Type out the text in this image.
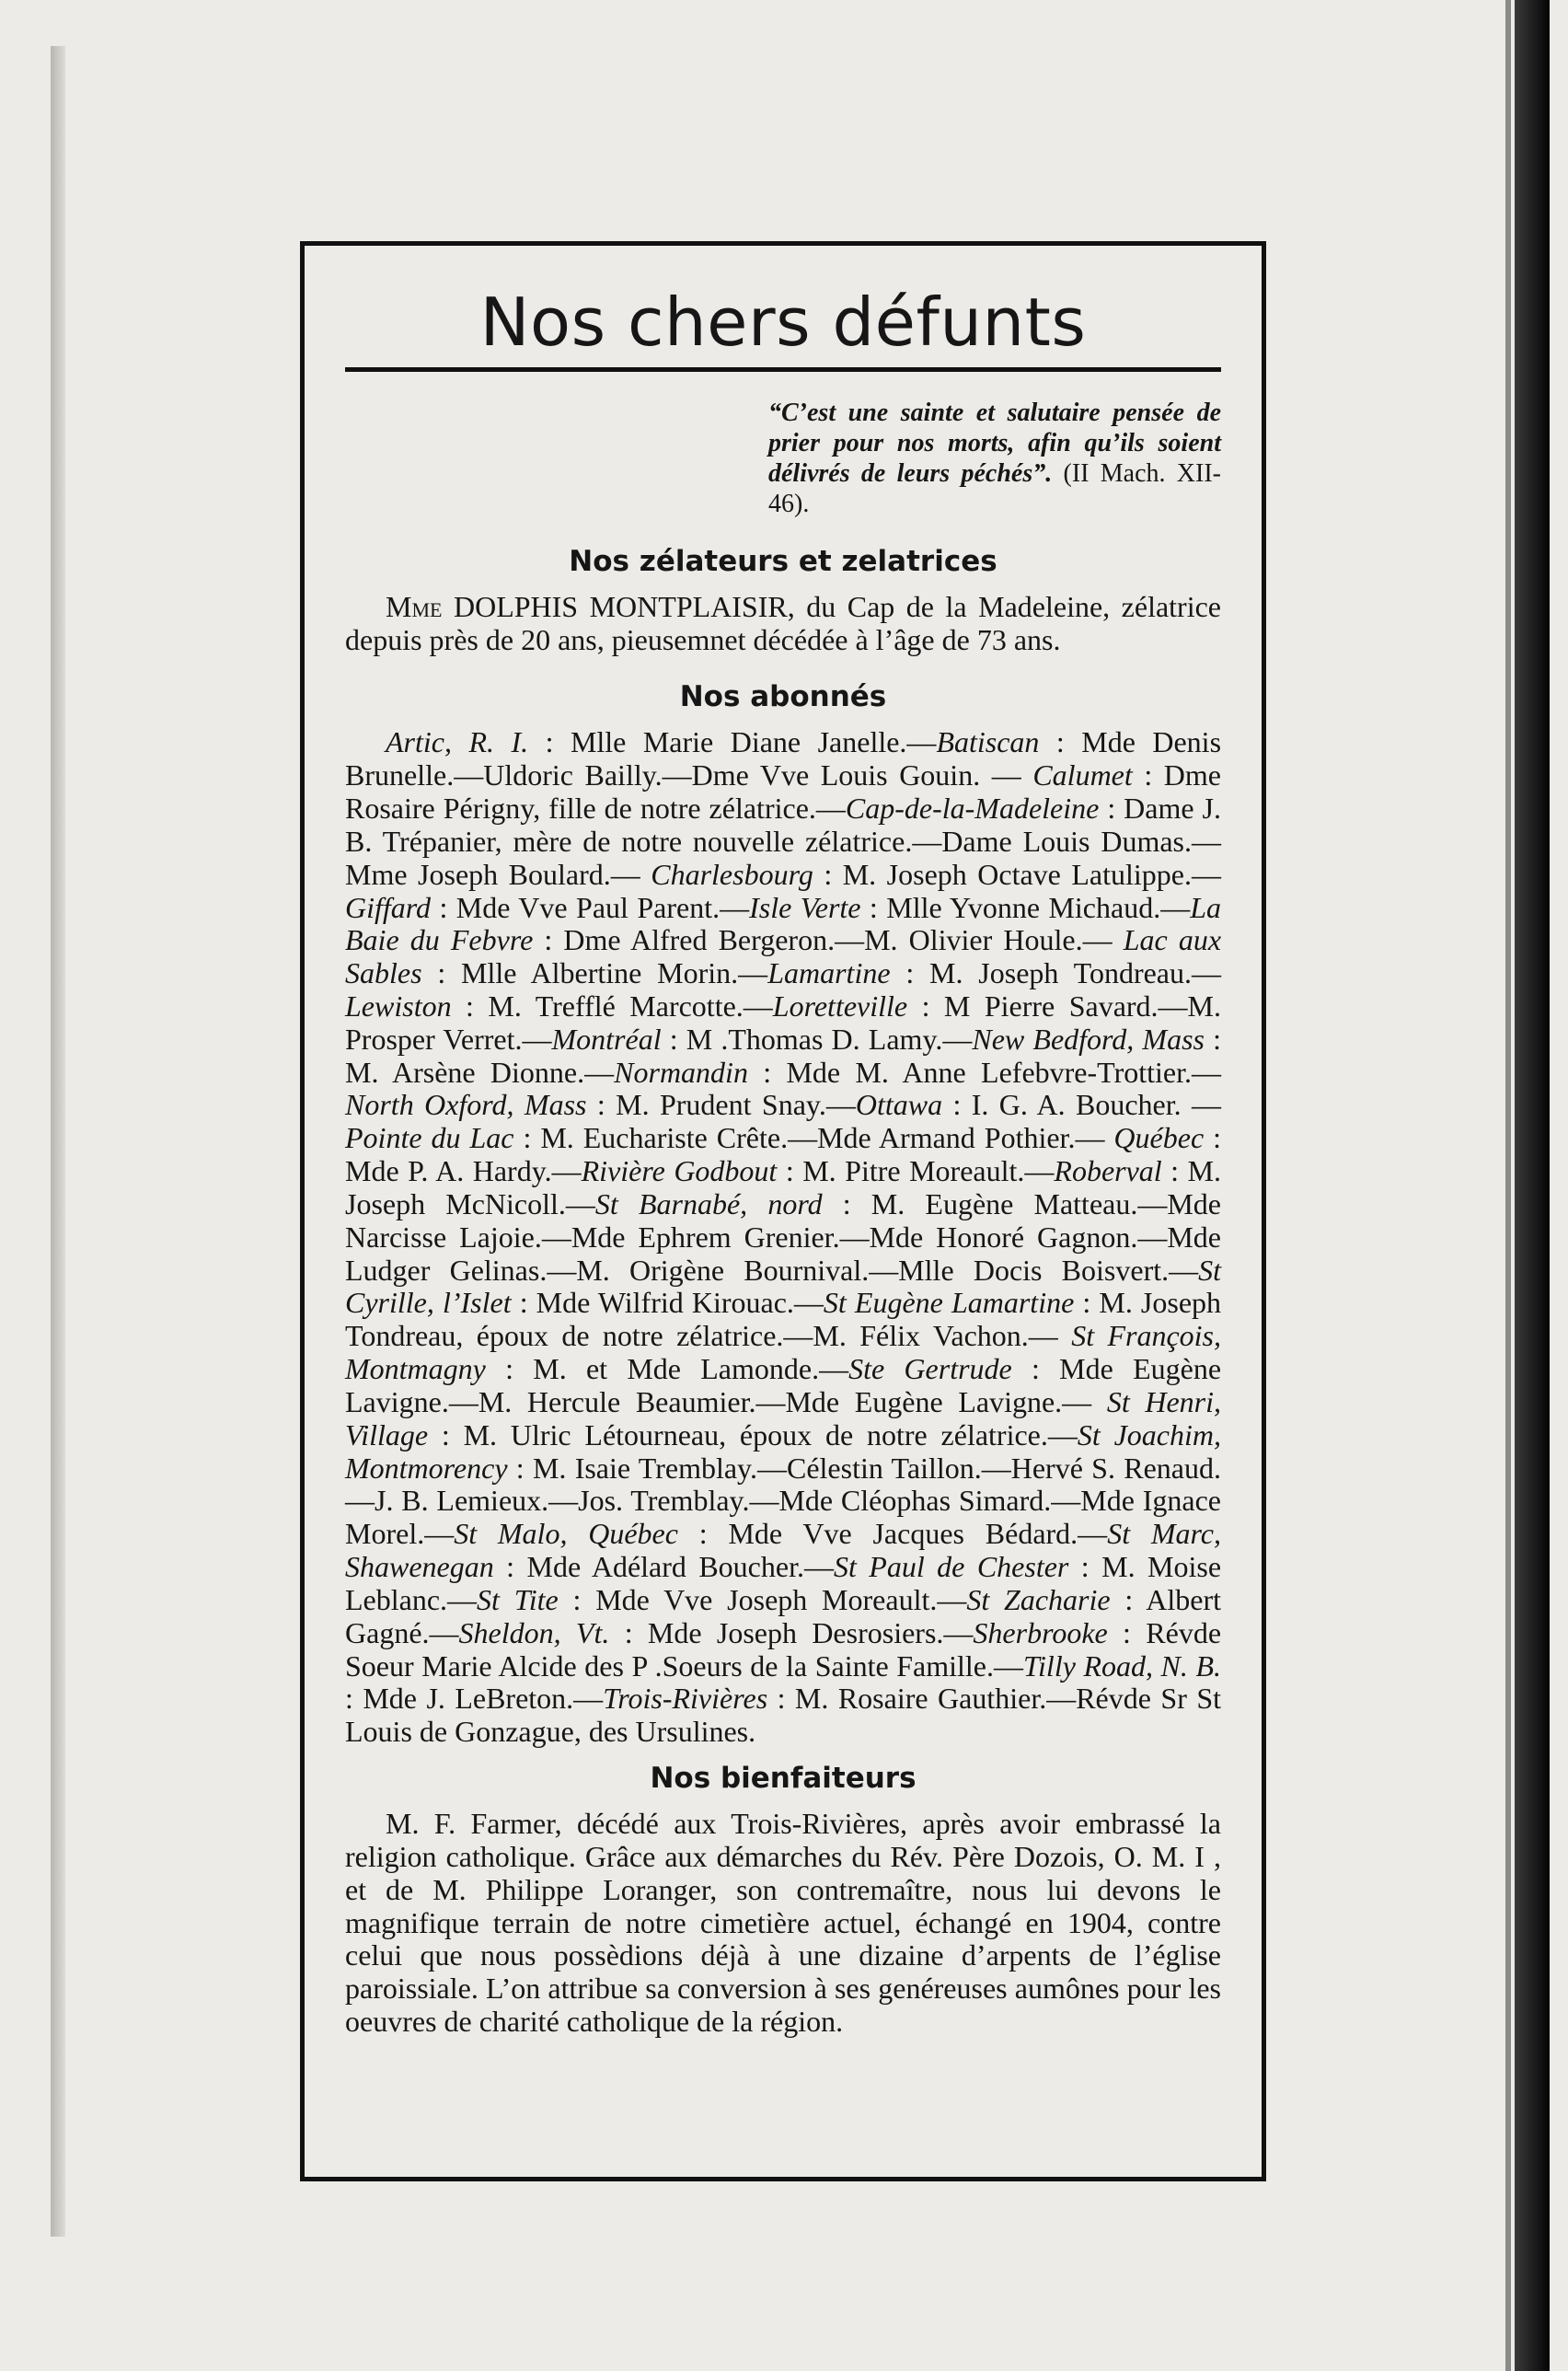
Nos chers défunts

“C’est une sainte et salutaire pensée de prier pour nos morts, afin qu’ils soient délivrés de leurs péchés”. (II Mach. XII-46).

Nos zélateurs et zelatrices

Mme DOLPHIS MONTPLAISIR, du Cap de la Madeleine, zélatrice depuis près de 20 ans, pieusemnet décédée à l’âge de 73 ans.

Nos abonnés

Artic, R. I. : Mlle Marie Diane Janelle.—Batiscan : Mde Denis Brunelle.—Uldoric Bailly.—Dme Vve Louis Gouin. — Calumet : Dme Rosaire Périgny, fille de notre zélatrice.—Cap-de-la-Madeleine : Dame J. B. Trépanier, mère de notre nouvelle zélatrice.—Dame Louis Dumas.—Mme Joseph Boulard.— Charlesbourg : M. Joseph Octave Latulippe.—Giffard : Mde Vve Paul Parent.—Isle Verte : Mlle Yvonne Michaud.—La Baie du Febvre : Dme Alfred Bergeron.—M. Olivier Houle.— Lac aux Sables : Mlle Albertine Morin.—Lamartine : M. Joseph Tondreau.— Lewiston : M. Trefflé Marcotte.—Loretteville : M Pierre Savard.—M. Prosper Verret.—Montréal : M .Thomas D. Lamy.—New Bedford, Mass : M. Arsène Dionne.—Normandin : Mde M. Anne Lefebvre-Trottier.—North Oxford, Mass : M. Prudent Snay.—Ottawa : I. G. A. Boucher. — Pointe du Lac : M. Eucharistе Crête.—Mde Armand Pothier.— Québec : Mde P. A. Hardy.—Rivière Godbout : M. Pitre Moreault.—Roberval : M. Joseph McNicoll.—St Barnabé, nord : M. Eugène Matteau.—Mde Narcisse Lajoie.—Mde Ephrem Grenier.—Mde Honoré Gagnon.—Mde Ludger Gelinas.—M. Origène Bournival.—Mlle Docis Boisvert.—St Cyrille, l’Islet : Mde Wilfrid Kirouac.—St Eugène Lamartine : M. Joseph Tondreau, époux de notre zélatrice.—M. Félix Vachon.— St François, Montmagny : M. et Mde Lamonde.—Ste Gertrude : Mde Eugène Lavigne.—M. Hercule Beaumier.—Mde Eugène Lavigne.— St Henri, Village : M. Ulric Létourneau, époux de notre zélatrice.—St Joachim, Montmorency : M. Isaie Tremblay.—Célestin Taillon.—Hervé S. Renaud.—J. B. Lemieux.—Jos. Tremblay.—Mde Cléophas Simard.—Mde Ignace Morel.—St Malo, Québec : Mde Vve Jacques Bédard.—St Marc, Shawenegan : Mde Adélard Boucher.—St Paul de Chester : M. Moise Leblanc.—St Tite : Mde Vve Joseph Moreault.—St Zacharie : Albert Gagné.—Sheldon, Vt. : Mde Joseph Desrosiers.—Sherbrooke : Révde Soeur Marie Alcide des P .Soeurs de la Sainte Famille.—Tilly Road, N. B. : Mde J. LeBreton.—Trois-Rivières : M. Rosaire Gauthier.—Révde Sr St Louis de Gonzague, des Ursulines.

Nos bienfaiteurs

M. F. Farmer, décédé aux Trois-Rivières, après avoir embrassé la religion catholique. Grâce aux démarches du Rév. Père Dozois, O. M. I , et de M. Philippe Loranger, son contremaître, nous lui devons le magnifique terrain de notre cimetière actuel, échangé en 1904, contre celui que nous possèdions déjà à une dizaine d’arpents de l’église paroissiale. L’on attribue sa conversion à ses genéreuses aumônes pour les oeuvres de charité catholique de la région.
